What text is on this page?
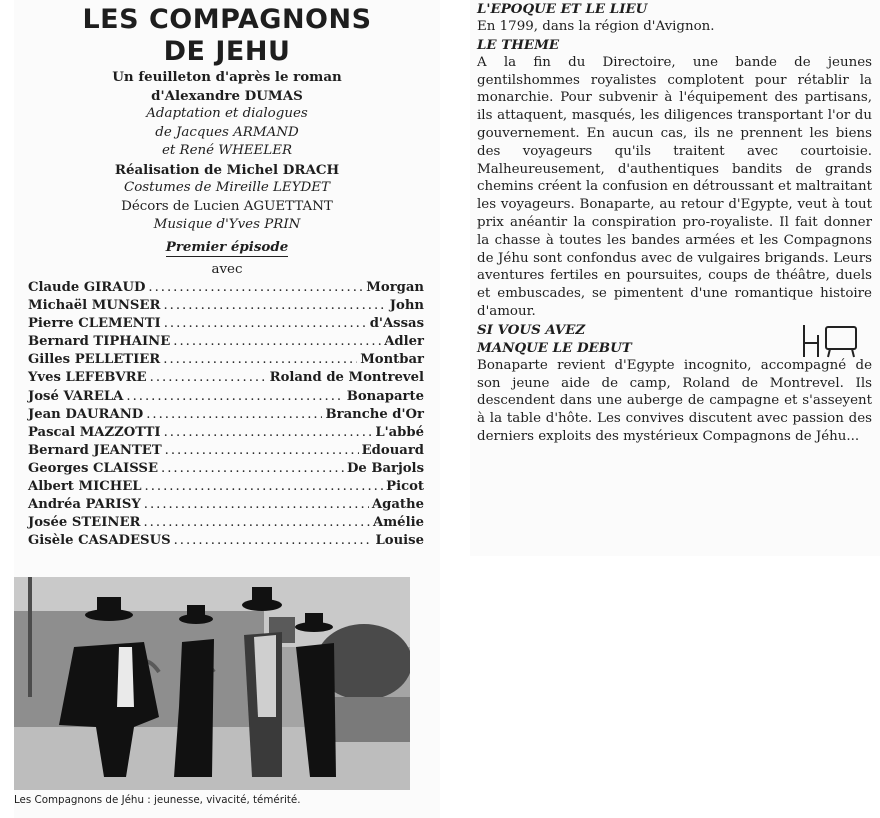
LES COMPAGNONS
DE JEHU
Un feuilleton d'après le roman
d'Alexandre DUMAS
Adaptation et dialogues
de Jacques ARMAND
et René WHEELER
Réalisation de Michel DRACH
Costumes de Mireille LEYDET
Décors de Lucien AGUETTANT
Musique d'Yves PRIN
Premier épisode
avec
Claude GIRAUD .....	Morgan
Michaël MUNSER .....	John
Pierre CLEMENTI .....	d'Assas
Bernard TIPHAINE .....	Adler
Gilles PELLETIER .....	Montbar
Yves LEFEBVRE .....	Roland de Montrevel
José VARELA .....	Bonaparte
Jean DAURAND .....	Branche d'Or
Pascal MAZZOTTI .....	L'abbé
Bernard JEANTET .....	Edouard
Georges CLAISSE .....	De Barjols
Albert MICHEL .....	Picot
Andréa PARISY .....	Agathe
Josée STEINER .....	Amélie
Gisèle CASADESUS .....	Louise
Les Compagnons de Jéhu : jeunesse, vivacité, témérité.

L'EPOQUE ET LE LIEU

En 1799, dans la région d'Avignon.

LE THEME

A la fin du Directoire, une bande de jeunes gentilshommes royalistes complotent pour rétablir la monarchie. Pour subvenir à l'équipement des partisans, ils attaquent, masqués, les diligences transportant l'or du gouvernement. En aucun cas, ils ne prennent les biens des voyageurs qu'ils traitent avec courtoisie. Malheureusement, d'authentiques bandits de grands chemins créent la confusion en détroussant et maltraitant les voyageurs. Bonaparte, au retour d'Egypte, veut à tout prix anéantir la conspiration pro-royaliste. Il fait donner la chasse à toutes les bandes armées et les Compagnons de Jéhu sont confondus avec de vulgaires brigands. Leurs aventures fertiles en poursuites, coups de théâtre, duels et embuscades, se pimentent d'une romantique histoire d'amour.

SI VOUS AVEZ

MANQUE LE DEBUT

Bonaparte revient d'Egypte incognito, accompagné de son jeune aide de camp, Roland de Montrevel. Ils descendent dans une auberge de campagne et s'asseyent à la table d'hôte. Les convives discutent avec passion des derniers exploits des mystérieux Compagnons de Jéhu...
